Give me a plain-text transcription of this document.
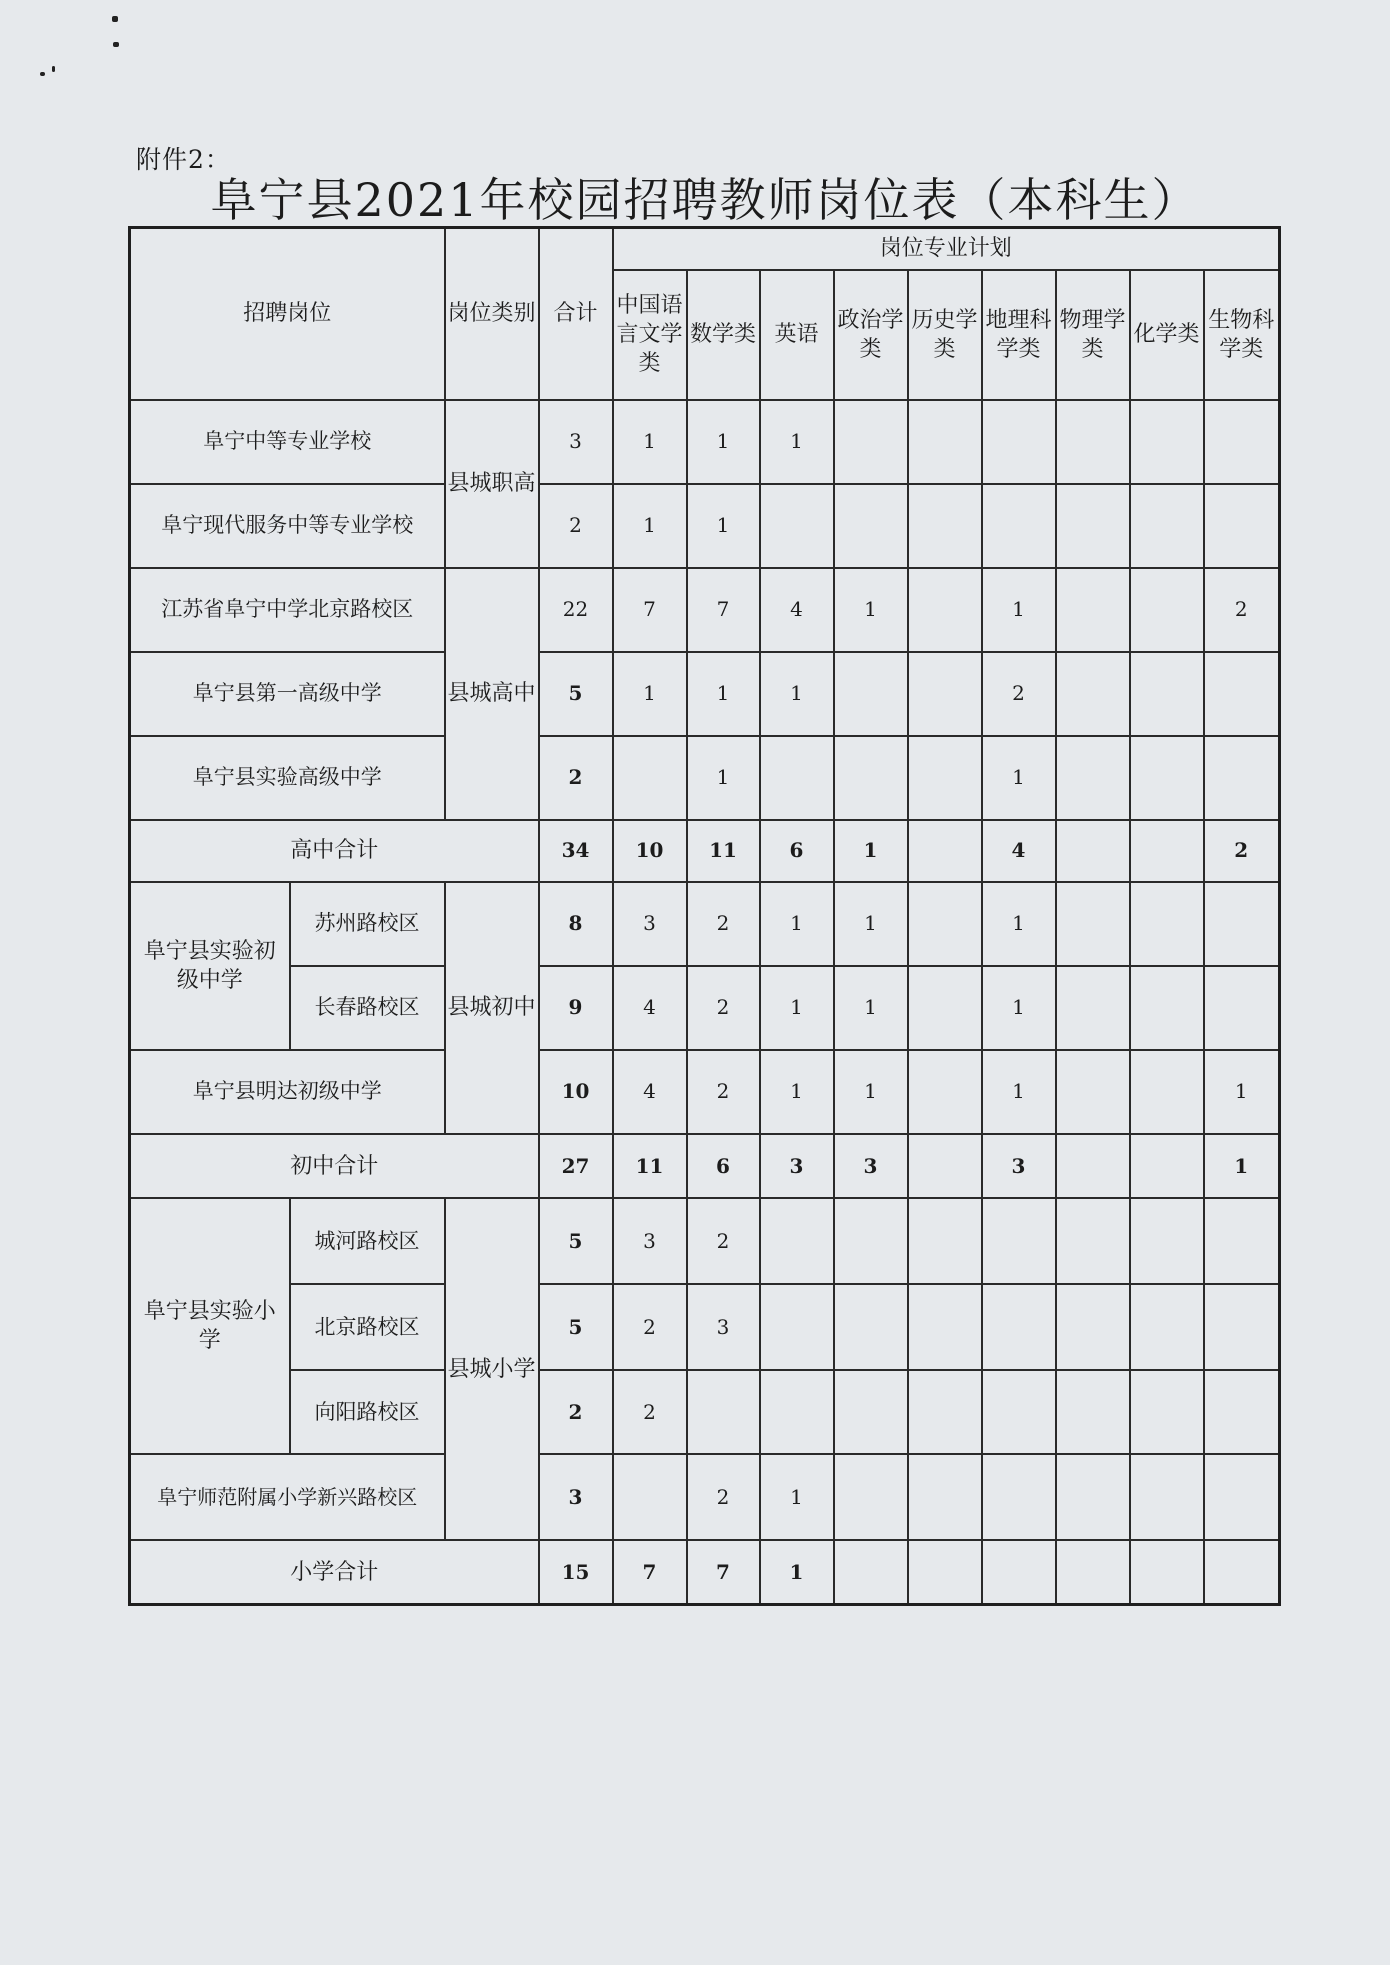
附件2：
阜宁县2021年校园招聘教师岗位表（本科生）
招聘岗位		岗位类别	合计	岗位专业计划								
				中国语言文学类	数学类	英语	政治学类	历史学类	地理科学类	物理学类	化学类	生物科学类
阜宁中等专业学校		县城职高	3	1	1	1						
阜宁现代服务中等专业学校			2	1	1							
江苏省阜宁中学北京路校区		县城高中	22	7	7	4	1		1			2
阜宁县第一高级中学			5	1	1	1			2			
阜宁县实验高级中学			2		1				1			
高中合计			34	10	11	6	1		4			2
阜宁县实验初级中学	苏州路校区	县城初中	8	3	2	1	1		1			
	长春路校区		9	4	2	1	1		1			
阜宁县明达初级中学			10	4	2	1	1		1			1
初中合计			27	11	6	3	3		3			1
阜宁县实验小学	城河路校区	县城小学	5	3	2							
	北京路校区		5	2	3							
	向阳路校区		2	2								
阜宁师范附属小学新兴路校区			3		2	1						
小学合计			15	7	7	1						
